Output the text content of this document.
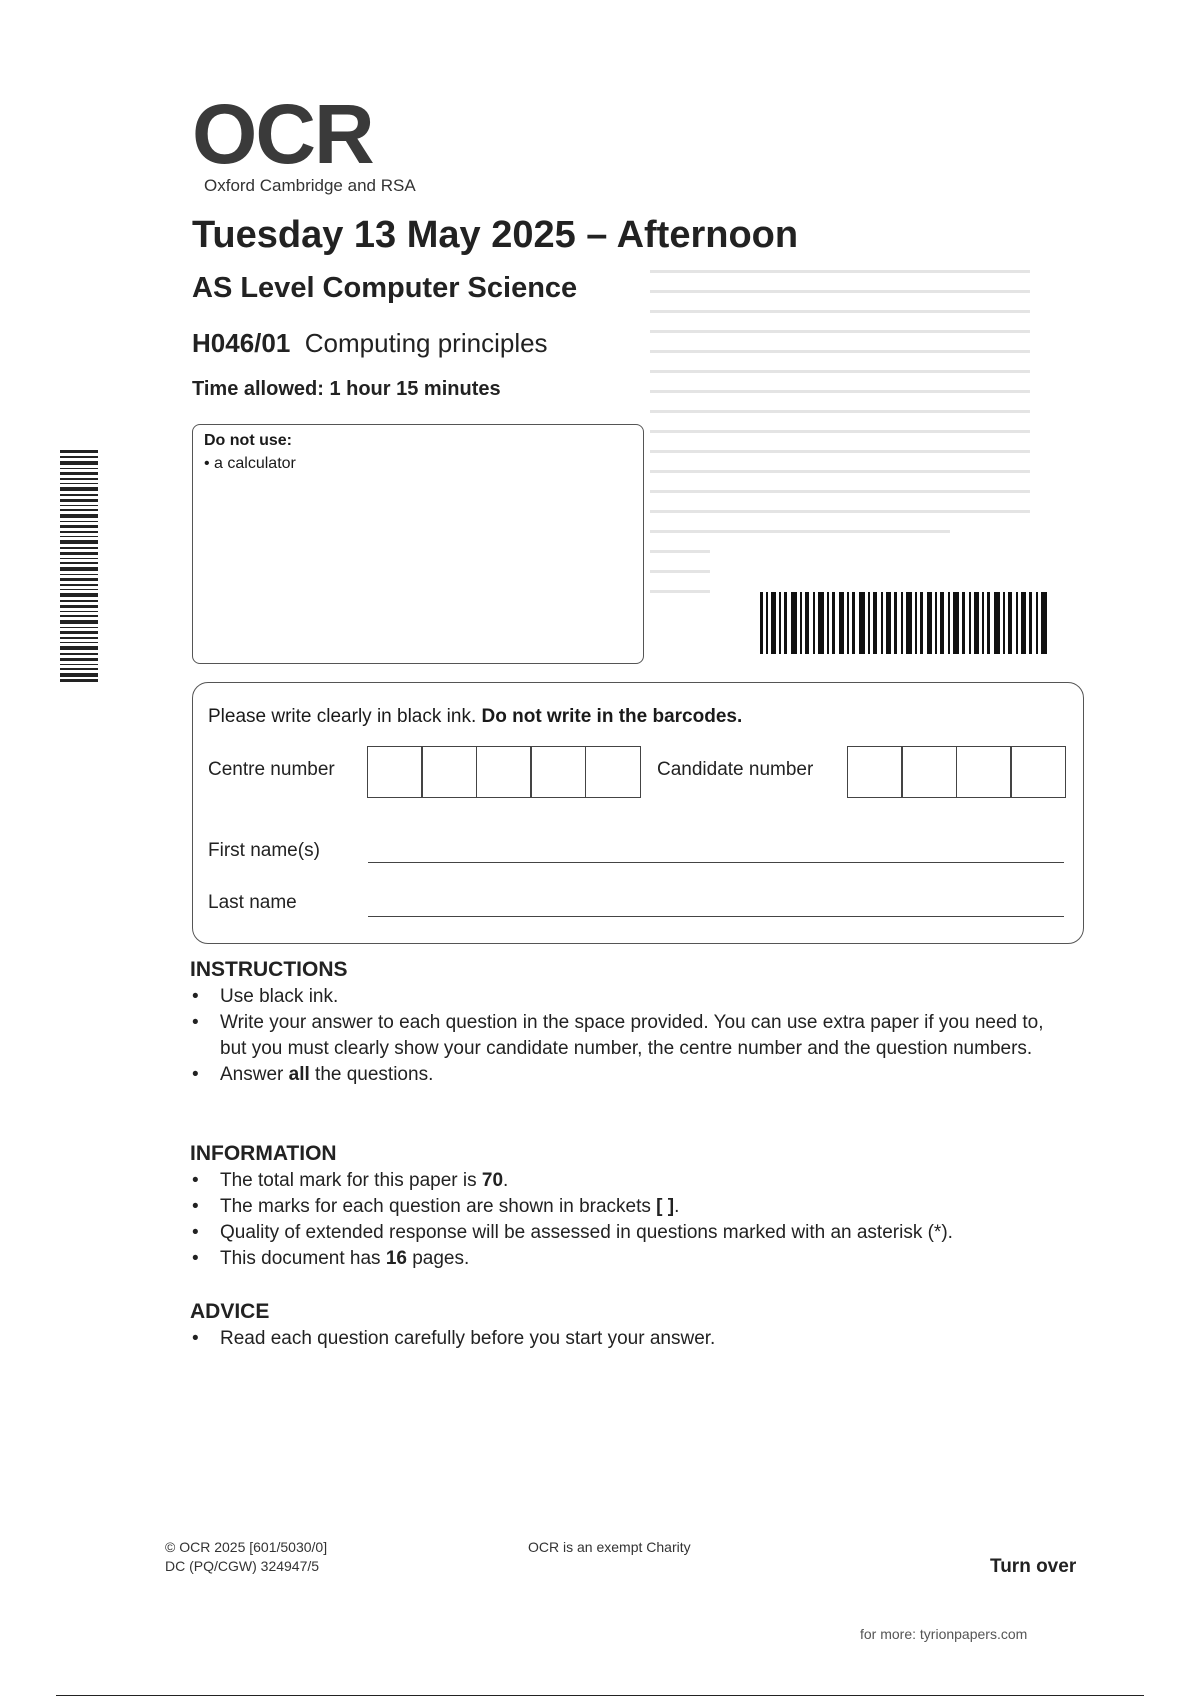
OCR
Oxford Cambridge and RSA
Tuesday 13 May 2025 – Afternoon
AS Level Computer Science
H046/01 Computing principles
Time allowed: 1 hour 15 minutes
Do not use:
• a calculator
Please write clearly in black ink. Do not write in the barcodes.
Centre number	Candidate number
First name(s)
Last name
INSTRUCTIONS
• Use black ink.
• Write your answer to each question in the space provided. You can use extra paper if you need to, but you must clearly show your candidate number, the centre number and the question numbers.
• Answer all the questions.
INFORMATION
• The total mark for this paper is 70.
• The marks for each question are shown in brackets [ ].
• Quality of extended response will be assessed in questions marked with an asterisk (*).
• This document has 16 pages.
ADVICE
• Read each question carefully before you start your answer.
© OCR 2025 [601/5030/0]
DC (PQ/CGW) 324947/5
OCR is an exempt Charity
Turn over
for more: tyrionpapers.com
